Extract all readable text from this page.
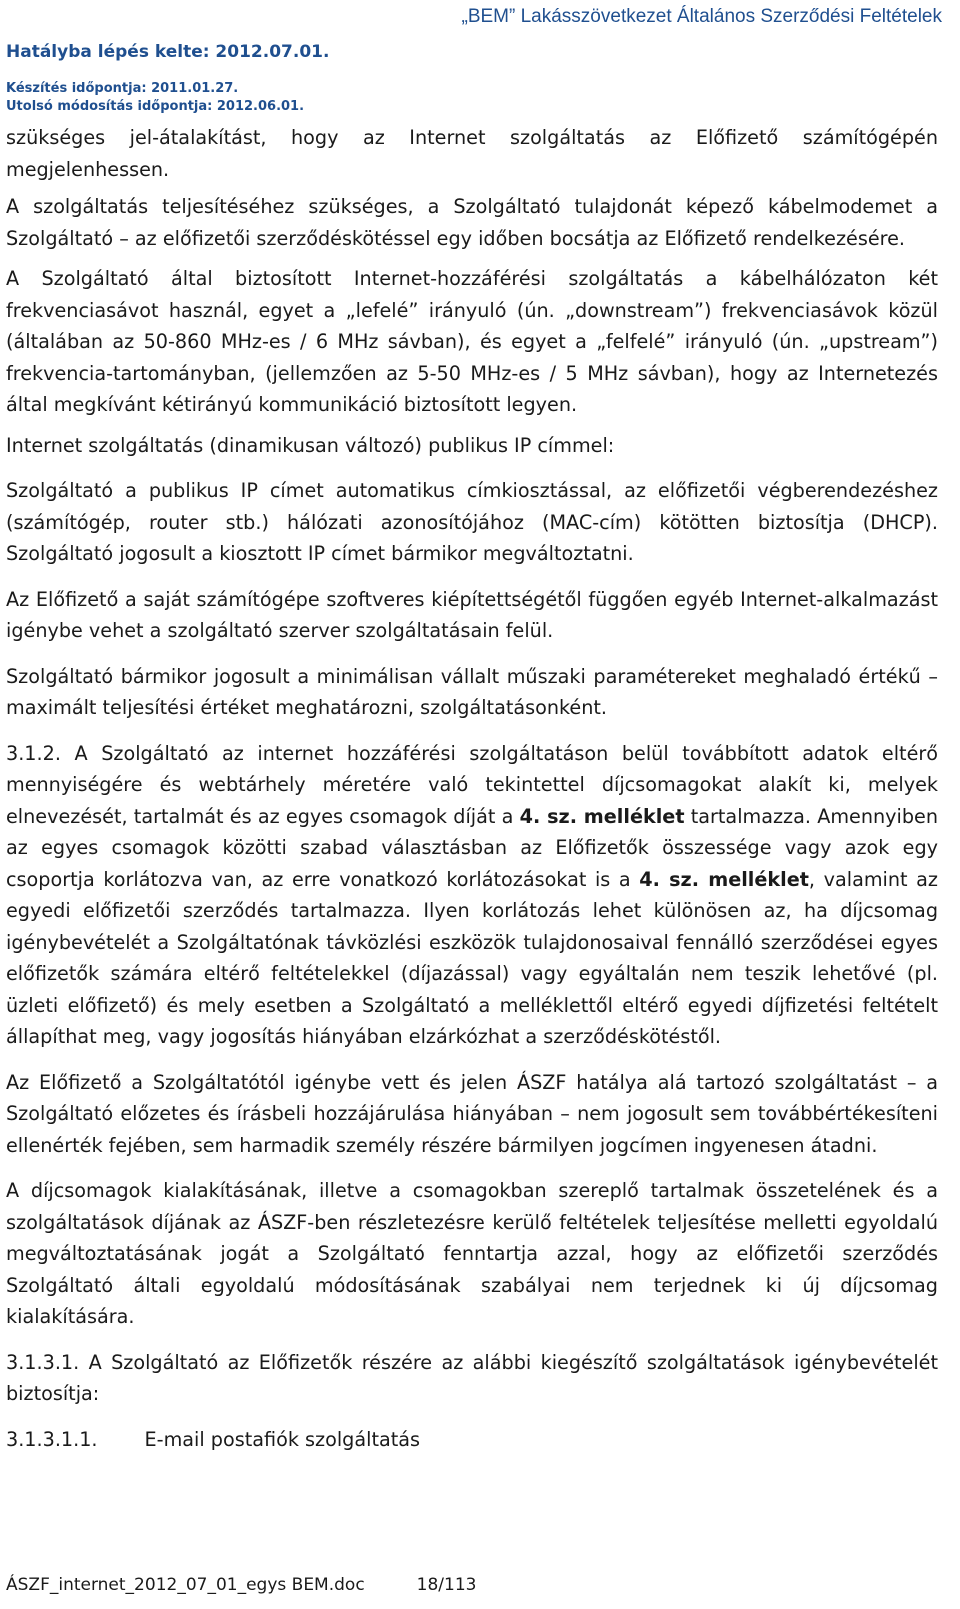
„BEM” Lakásszövetkezet Általános Szerződési Feltételek
Hatályba lépés kelte: 2012.07.01.
Készítés időpontja: 2011.01.27.
Utolsó módosítás időpontja: 2012.06.01.

szükséges jel-átalakítást, hogy az Internet szolgáltatás az Előfizető számítógépén megjelenhessen.

A szolgáltatás teljesítéséhez szükséges, a Szolgáltató tulajdonát képező kábelmodemet a Szolgáltató – az előfizetői szerződéskötéssel egy időben bocsátja az Előfizető rendelkezésére.

A Szolgáltató által biztosított Internet-hozzáférési szolgáltatás a kábelhálózaton két frekvenciasávot használ, egyet a „lefelé” irányuló (ún. „downstream”) frekvenciasávok közül (általában az 50-860 MHz-es / 6 MHz sávban), és egyet a „felfelé” irányuló (ún. „upstream”) frekvencia-tartományban, (jellemzően az 5-50 MHz-es / 5 MHz sávban), hogy az Internetezés által megkívánt kétirányú kommunikáció biztosított legyen.

Internet szolgáltatás (dinamikusan változó) publikus IP címmel:

Szolgáltató a publikus IP címet automatikus címkiosztással, az előfizetői végberendezéshez (számítógép, router stb.) hálózati azonosítójához (MAC-cím) kötötten biztosítja (DHCP). Szolgáltató jogosult a kiosztott IP címet bármikor megváltoztatni.

Az Előfizető a saját számítógépe szoftveres kiépítettségétől függően egyéb Internet-alkalmazást igénybe vehet a szolgáltató szerver szolgáltatásain felül.

Szolgáltató bármikor jogosult a minimálisan vállalt műszaki paramétereket meghaladó értékű – maximált teljesítési értéket meghatározni, szolgáltatásonként.

3.1.2. A Szolgáltató az internet hozzáférési szolgáltatáson belül továbbított adatok eltérő mennyiségére és webtárhely méretére való tekintettel díjcsomagokat alakít ki, melyek elnevezését, tartalmát és az egyes csomagok díját a 4. sz. melléklet tartalmazza. Amennyiben az egyes csomagok közötti szabad választásban az Előfizetők összessége vagy azok egy csoportja korlátozva van, az erre vonatkozó korlátozásokat is a 4. sz. melléklet, valamint az egyedi előfizetői szerződés tartalmazza. Ilyen korlátozás lehet különösen az, ha díjcsomag igénybevételét a Szolgáltatónak távközlési eszközök tulajdonosaival fennálló szerződései egyes előfizetők számára eltérő feltételekkel (díjazással) vagy egyáltalán nem teszik lehetővé (pl. üzleti előfizető) és mely esetben a Szolgáltató a melléklettől eltérő egyedi díjfizetési feltételt állapíthat meg, vagy jogosítás hiányában elzárkózhat a szerződéskötéstől.

Az Előfizető a Szolgáltatótól igénybe vett és jelen ÁSZF hatálya alá tartozó szolgáltatást – a Szolgáltató előzetes és írásbeli hozzájárulása hiányában – nem jogosult sem továbbértékesíteni ellenérték fejében, sem harmadik személy részére bármilyen jogcímen ingyenesen átadni.

A díjcsomagok kialakításának, illetve a csomagokban szereplő tartalmak összetelének és a szolgáltatások díjának az ÁSZF-ben részletezésre kerülő feltételek teljesítése melletti egyoldalú megváltoztatásának jogát a Szolgáltató fenntartja azzal, hogy az előfizetői szerződés Szolgáltató általi egyoldalú módosításának szabályai nem terjednek ki új díjcsomag kialakítására.

3.1.3.1. A Szolgáltató az Előfizetők részére az alábbi kiegészítő szolgáltatások igénybevételét biztosítja:

3.1.3.1.1. E-mail postafiók szolgáltatás

ÁSZF_internet_2012_07_01_egys BEM.doc	18/113
